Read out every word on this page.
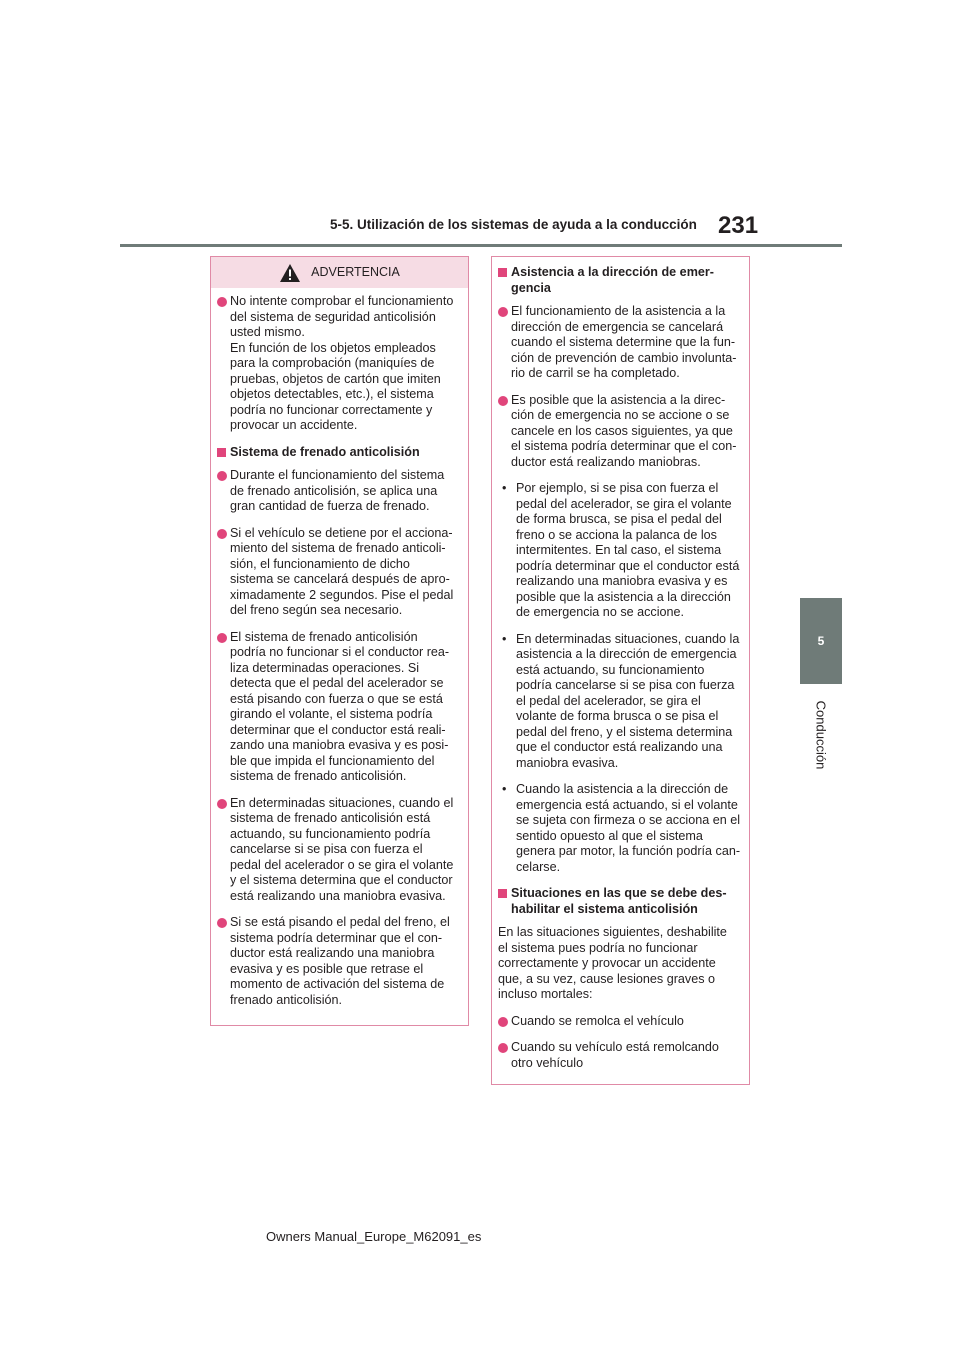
5-5. Utilización de los sistemas de ayuda a la conducción 231
5
Conducción
ADVERTENCIA
No intente comprobar el funcionamiento
del sistema de seguridad anticolisión
usted mismo.
En función de los objetos empleados
para la comprobación (maniquíes de
pruebas, objetos de cartón que imiten
objetos detectables, etc.), el sistema
podría no funcionar correctamente y
provocar un accidente.
Sistema de frenado anticolisión
Durante el funcionamiento del sistema
de frenado anticolisión, se aplica una
gran cantidad de fuerza de frenado.
Si el vehículo se detiene por el acciona-
miento del sistema de frenado anticoli-
sión, el funcionamiento de dicho
sistema se cancelará después de apro-
ximadamente 2 segundos. Pise el pedal
del freno según sea necesario.
El sistema de frenado anticolisión
podría no funcionar si el conductor rea-
liza determinadas operaciones. Si
detecta que el pedal del acelerador se
está pisando con fuerza o que se está
girando el volante, el sistema podría
determinar que el conductor está reali-
zando una maniobra evasiva y es posi-
ble que impida el funcionamiento del
sistema de frenado anticolisión.
En determinadas situaciones, cuando el
sistema de frenado anticolisión está
actuando, su funcionamiento podría
cancelarse si se pisa con fuerza el
pedal del acelerador o se gira el volante
y el sistema determina que el conductor
está realizando una maniobra evasiva.
Si se está pisando el pedal del freno, el
sistema podría determinar que el con-
ductor está realizando una maniobra
evasiva y es posible que retrase el
momento de activación del sistema de
frenado anticolisión.
Asistencia a la dirección de emer-
gencia
El funcionamiento de la asistencia a la
dirección de emergencia se cancelará
cuando el sistema determine que la fun-
ción de prevención de cambio involunta-
rio de carril se ha completado.
Es posible que la asistencia a la direc-
ción de emergencia no se accione o se
cancele en los casos siguientes, ya que
el sistema podría determinar que el con-
ductor está realizando maniobras.
• Por ejemplo, si se pisa con fuerza el
pedal del acelerador, se gira el volante
de forma brusca, se pisa el pedal del
freno o se acciona la palanca de los
intermitentes. En tal caso, el sistema
podría determinar que el conductor está
realizando una maniobra evasiva y es
posible que la asistencia a la dirección
de emergencia no se accione.
• En determinadas situaciones, cuando la
asistencia a la dirección de emergencia
está actuando, su funcionamiento
podría cancelarse si se pisa con fuerza
el pedal del acelerador, se gira el
volante de forma brusca o se pisa el
pedal del freno, y el sistema determina
que el conductor está realizando una
maniobra evasiva.
• Cuando la asistencia a la dirección de
emergencia está actuando, si el volante
se sujeta con firmeza o se acciona en el
sentido opuesto al que el sistema
genera par motor, la función podría can-
celarse.
Situaciones en las que se debe des-
habilitar el sistema anticolisión
En las situaciones siguientes, deshabilite
el sistema pues podría no funcionar
correctamente y provocar un accidente
que, a su vez, cause lesiones graves o
incluso mortales:
Cuando se remolca el vehículo
Cuando su vehículo está remolcando
otro vehículo
Owners Manual_Europe_M62091_es
